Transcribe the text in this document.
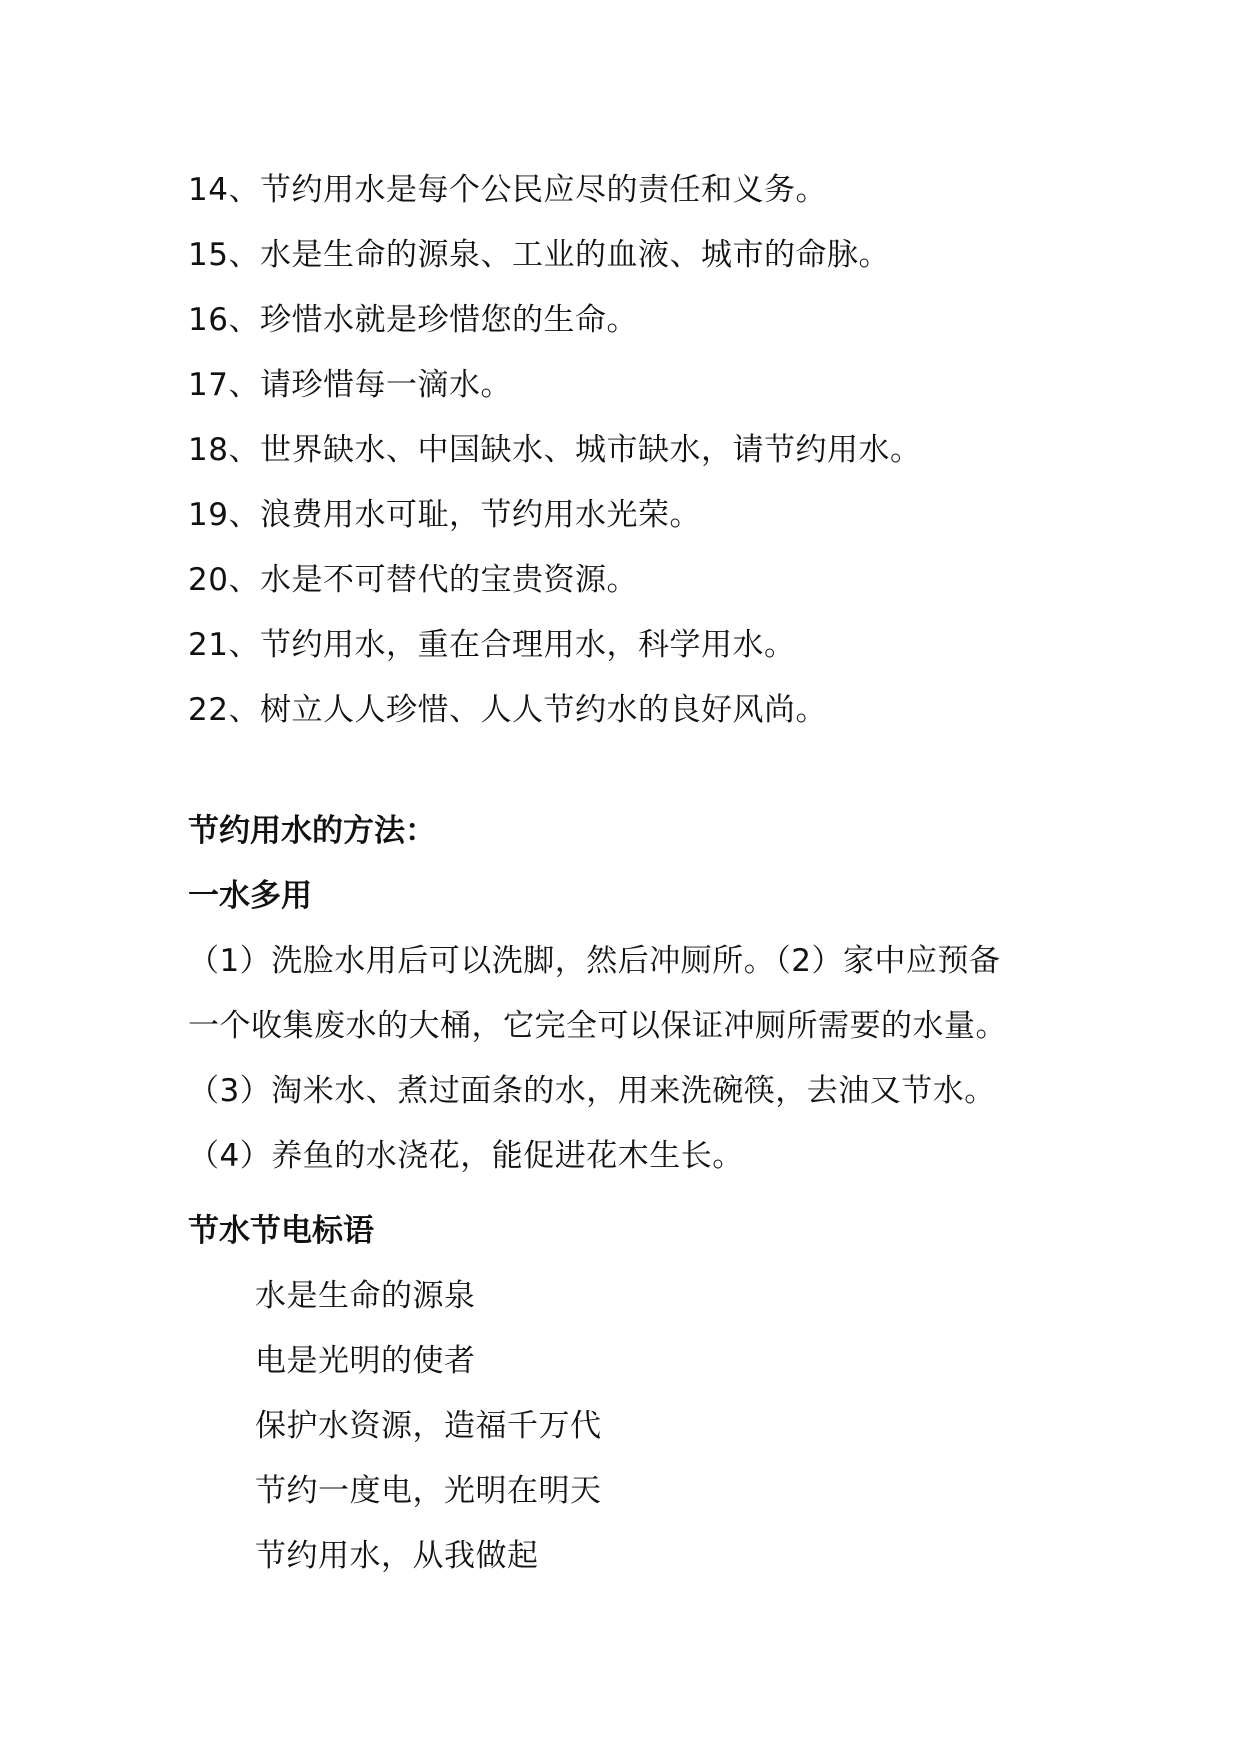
14、节约用水是每个公民应尽的责任和义务。
15、水是生命的源泉、工业的血液、城市的命脉。
16、珍惜水就是珍惜您的生命。
17、请珍惜每一滴水。
18、世界缺水、中国缺水、城市缺水，请节约用水。
19、浪费用水可耻，节约用水光荣。
20、水是不可替代的宝贵资源。
21、节约用水，重在合理用水，科学用水。
22、树立人人珍惜、人人节约水的良好风尚。
节约用水的方法：
一水多用
（1）洗脸水用后可以洗脚，然后冲厕所。（2）家中应预备
一个收集废水的大桶，它完全可以保证冲厕所需要的水量。
（3）淘米水、煮过面条的水，用来洗碗筷，去油又节水。
（4）养鱼的水浇花，能促进花木生长。
节水节电标语
水是生命的源泉
电是光明的使者
保护水资源，造福千万代
节约一度电，光明在明天
节约用水，从我做起
